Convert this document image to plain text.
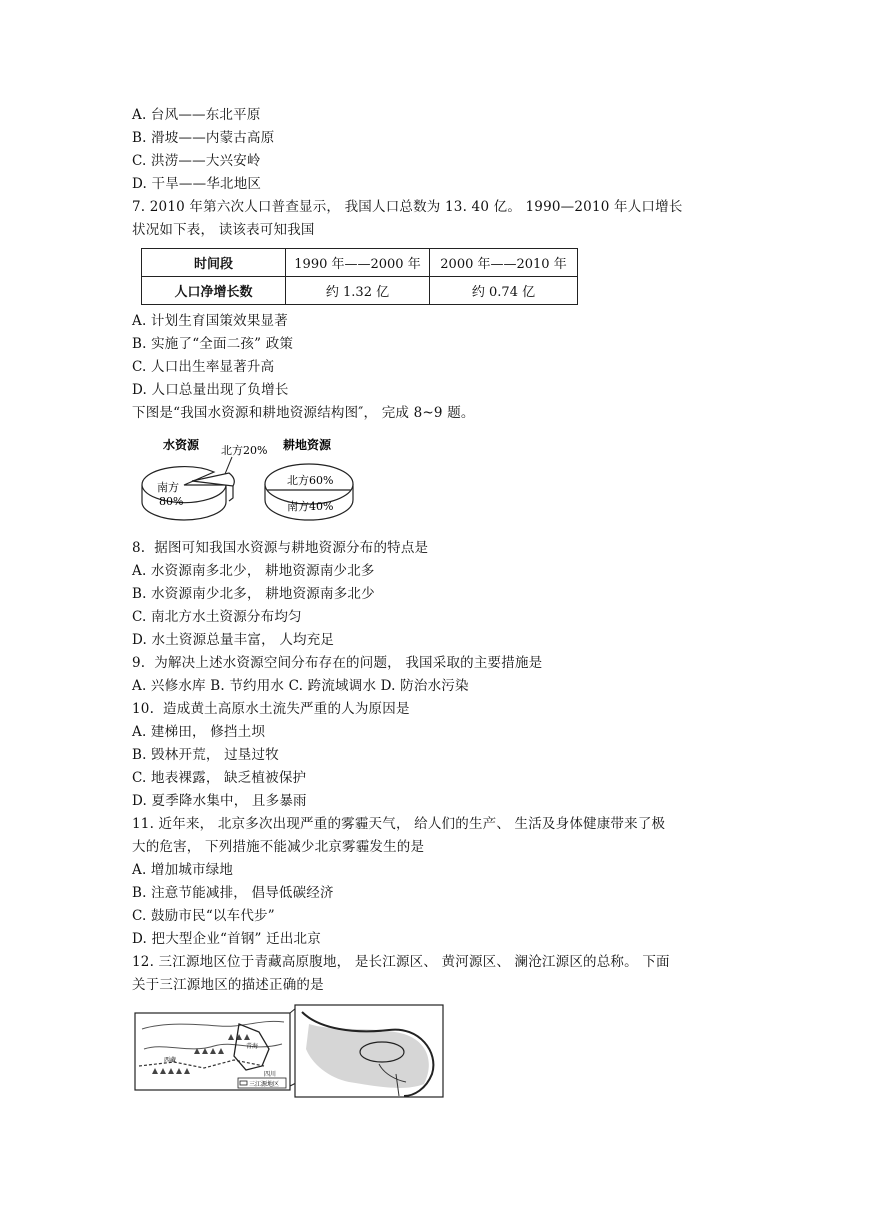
A. 台风——东北平原
B. 滑坡——内蒙古高原
C. 洪涝——大兴安岭
D. 干旱——华北地区
7. 2010 年第六次人口普查显示， 我国人口总数为 13. 40 亿。 1990—2010 年人口增长
状况如下表， 读该表可知我国
时间段	1990 年——2000 年	2000 年——2010 年
人口净增长数	约 1.32 亿	约 0.74 亿
A. 计划生育国策效果显著
B. 实施了“全面二孩” 政策
C. 人口出生率显著升高
D. 人口总量出现了负增长
下图是“我国水资源和耕地资源结构图″， 完成 8~9 题。
水资源 北方20%
南方
80%
耕地资源
北方60%
南方40%
8.  据图可知我国水资源与耕地资源分布的特点是
A. 水资源南多北少， 耕地资源南少北多
B. 水资源南少北多， 耕地资源南多北少
C. 南北方水土资源分布均匀
D. 水土资源总量丰富， 人均充足
9.  为解决上述水资源空间分布存在的问题， 我国采取的主要措施是
A. 兴修水库 B. 节约用水 C. 跨流域调水 D. 防治水污染
10.  造成黄土高原水土流失严重的人为原因是
A. 建梯田， 修挡土坝
B. 毁林开荒， 过垦过牧
C. 地表裸露， 缺乏植被保护
D. 夏季降水集中， 且多暴雨
11. 近年来， 北京多次出现严重的雾霾天气， 给人们的生产、 生活及身体健康带来了极
大的危害， 下列措施不能减少北京雾霾发生的是
A. 增加城市绿地
B. 注意节能减排， 倡导低碳经济
C. 鼓励市民“以车代步”
D. 把大型企业“首钢” 迁出北京
12. 三江源地区位于青藏高原腹地， 是长江源区、 黄河源区、 澜沧江源区的总称。 下面
关于三江源地区的描述正确的是
青海
西藏
四川
三江源地区
